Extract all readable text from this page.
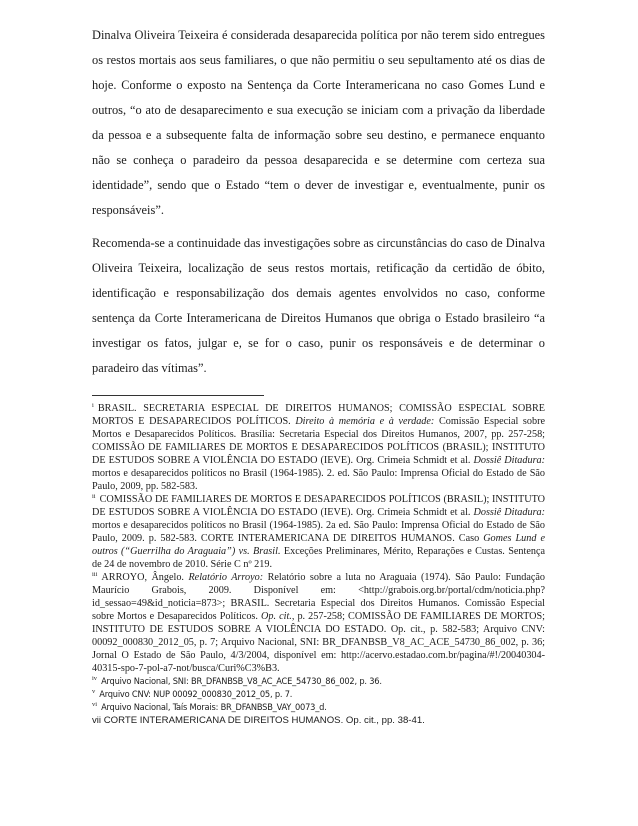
Dinalva Oliveira Teixeira é considerada desaparecida política por não terem sido entregues os restos mortais aos seus familiares, o que não permitiu o seu sepultamento até os dias de hoje. Conforme o exposto na Sentença da Corte Interamericana no caso Gomes Lund e outros, “o ato de desaparecimento e sua execução se iniciam com a privação da liberdade da pessoa e a subsequente falta de informação sobre seu destino, e permanece enquanto não se conheça o paradeiro da pessoa desaparecida e se determine com certeza sua identidade”, sendo que o Estado “tem o dever de investigar e, eventualmente, punir os responsáveis”.

Recomenda-se a continuidade das investigações sobre as circunstâncias do caso de Dinalva Oliveira Teixeira, localização de seus restos mortais, retificação da certidão de óbito, identificação e responsabilização dos demais agentes envolvidos no caso, conforme sentença da Corte Interamericana de Direitos Humanos que obriga o Estado brasileiro “a investigar os fatos, julgar e, se for o caso, punir os responsáveis e de determinar o paradeiro das vítimas”.

$^i$ BRASIL. SECRETARIA ESPECIAL DE DIREITOS HUMANOS; COMISSÃO ESPECIAL SOBRE MORTOS E DESAPARECIDOS POLÍTICOS. Direito à memória e à verdade: Comissão Especial sobre Mortos e Desaparecidos Políticos. Brasília: Secretaria Especial dos Direitos Humanos, 2007, pp. 257-258; COMISSÃO DE FAMILIARES DE MORTOS E DESAPARECIDOS POLÍTICOS (BRASIL); INSTITUTO DE ESTUDOS SOBRE A VIOLÊNCIA DO ESTADO (IEVE). Org. Crimeia Schmidt et al. Dossiê Ditadura: mortos e desaparecidos políticos no Brasil (1964-1985). 2. ed. São Paulo: Imprensa Oficial do Estado de São Paulo, 2009, pp. 582-583.

$^{ii}$ COMISSÃO DE FAMILIARES DE MORTOS E DESAPARECIDOS POLÍTICOS (BRASIL); INSTITUTO DE ESTUDOS SOBRE A VIOLÊNCIA DO ESTADO (IEVE). Org. Crimeia Schmidt et al. Dossiê Ditadura: mortos e desaparecidos políticos no Brasil (1964-1985). 2a ed. São Paulo: Imprensa Oficial do Estado de São Paulo, 2009. p. 582-583. CORTE INTERAMERICANA DE DIREITOS HUMANOS. Caso Gomes Lund e outros (“Guerrilha do Araguaia”) vs. Brasil. Exceções Preliminares, Mérito, Reparações e Custas. Sentença de 24 de novembro de 2010. Série C nº 219.

$^{iii}$ ARROYO, Ângelo. Relatório Arroyo: Relatório sobre a luta no Araguaia (1974). São Paulo: Fundação Maurício Grabois, 2009. Disponível em: <http://grabois.org.br/portal/cdm/noticia.php?id_sessao=49&id_noticia=873>; BRASIL. Secretaria Especial dos Direitos Humanos. Comissão Especial sobre Mortos e Desaparecidos Políticos. Op. cit., p. 257-258; COMISSÃO DE FAMILIARES DE MORTOS; INSTITUTO DE ESTUDOS SOBRE A VIOLÊNCIA DO ESTADO. Op. cit., p. 582-583; Arquivo CNV: 00092_000830_2012_05, p. 7; Arquivo Nacional, SNI: BR_DFANBSB_V8_AC_ACE_54730_86_002, p. 36; Jornal O Estado de São Paulo, 4/3/2004, disponível em: http://acervo.estadao.com.br/pagina/#!/20040304-40315-spo-7-pol-a7-not/busca/Curi%C3%B3.

$^{iv}$ Arquivo Nacional, SNI: BR_DFANBSB_V8_AC_ACE_54730_86_002, p. 36.

$^v$ Arquivo CNV: NUP 00092_000830_2012_05, p. 7.

$^{vi}$ Arquivo Nacional, Taís Morais: BR_DFANBSB_VAY_0073_d.

vii CORTE INTERAMERICANA DE DIREITOS HUMANOS. Op. cit., pp. 38-41.
